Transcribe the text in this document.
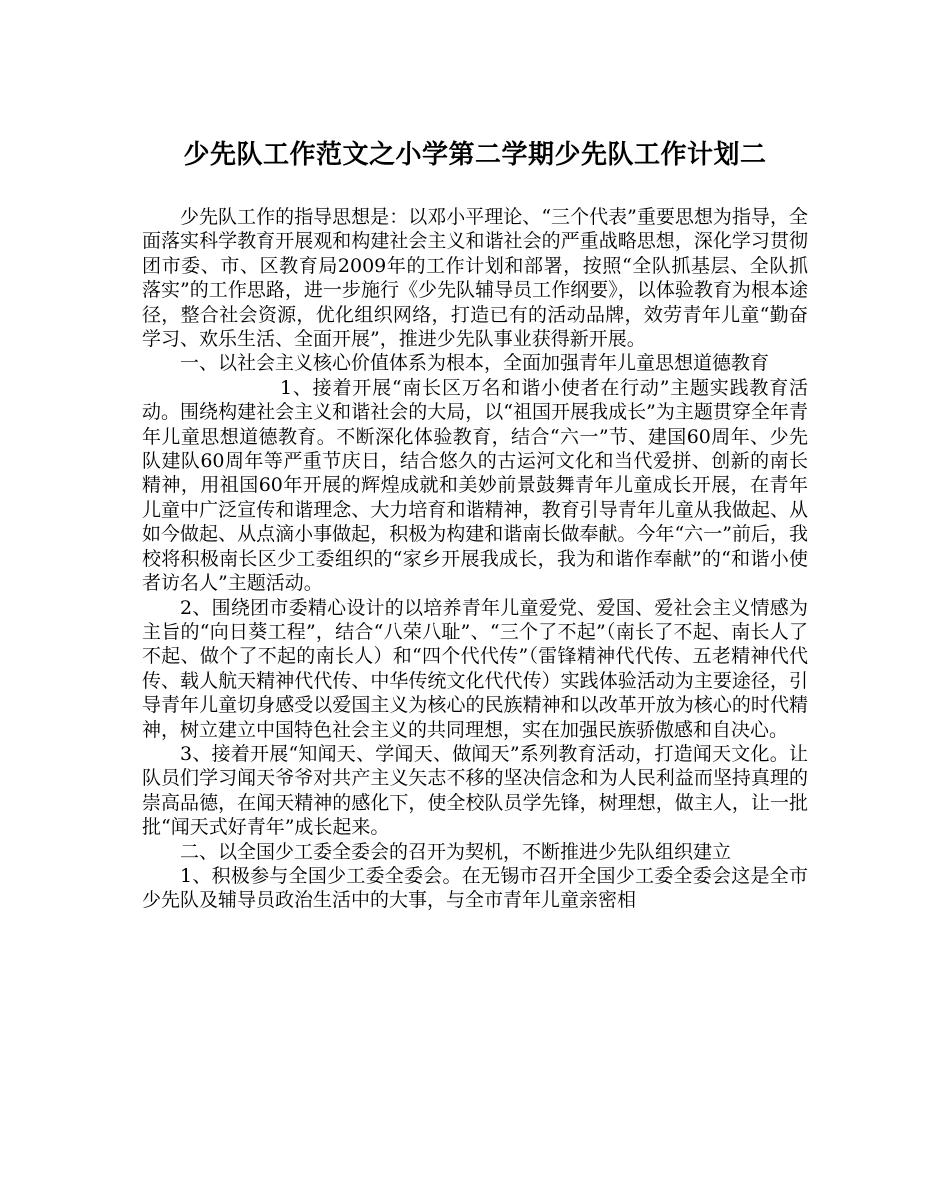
少先队工作范文之小学第二学期少先队工作计划二

少先队工作的指导思想是：以邓小平理论、“三个代表”重要思想为指导，全面落实科学教育开展观和构建社会主义和谐社会的严重战略思想，深化学习贯彻团市委、市、区教育局2009年的工作计划和部署，按照“全队抓基层、全队抓落实”的工作思路，进一步施行《少先队辅导员工作纲要》，以体验教育为根本途径，整合社会资源，优化组织网络，打造已有的活动品牌，效劳青年儿童“勤奋学习、欢乐生活、全面开展”，推进少先队事业获得新开展。

一、以社会主义核心价值体系为根本，全面加强青年儿童思想道德教育

1、接着开展“南长区万名和谐小使者在行动”主题实践教育活动。围绕构建社会主义和谐社会的大局，以“祖国开展我成长”为主题贯穿全年青年儿童思想道德教育。不断深化体验教育，结合“六一”节、建国60周年、少先队建队60周年等严重节庆日，结合悠久的古运河文化和当代爱拼、创新的南长精神，用祖国60年开展的辉煌成就和美妙前景鼓舞青年儿童成长开展，在青年儿童中广泛宣传和谐理念、大力培育和谐精神，教育引导青年儿童从我做起、从如今做起、从点滴小事做起，积极为构建和谐南长做奉献。今年“六一”前后，我校将积极南长区少工委组织的“家乡开展我成长，我为和谐作奉献”的“和谐小使者访名人”主题活动。

2、围绕团市委精心设计的以培养青年儿童爱党、爱国、爱社会主义情感为主旨的“向日葵工程”，结合“八荣八耻”、“三个了不起”（南长了不起、南长人了不起、做个了不起的南长人）和“四个代代传”（雷锋精神代代传、五老精神代代传、载人航天精神代代传、中华传统文化代代传）实践体验活动为主要途径，引导青年儿童切身感受以爱国主义为核心的民族精神和以改革开放为核心的时代精神，树立建立中国特色社会主义的共同理想，实在加强民族骄傲感和自决心。

3、接着开展“知闻天、学闻天、做闻天”系列教育活动，打造闻天文化。让队员们学习闻天爷爷对共产主义矢志不移的坚决信念和为人民利益而坚持真理的崇高品德，在闻天精神的感化下，使全校队员学先锋，树理想，做主人，让一批批“闻天式好青年”成长起来。

二、以全国少工委全委会的召开为契机，不断推进少先队组织建立

1、积极参与全国少工委全委会。在无锡市召开全国少工委全委会这是全市少先队及辅导员政治生活中的大事，与全市青年儿童亲密相
